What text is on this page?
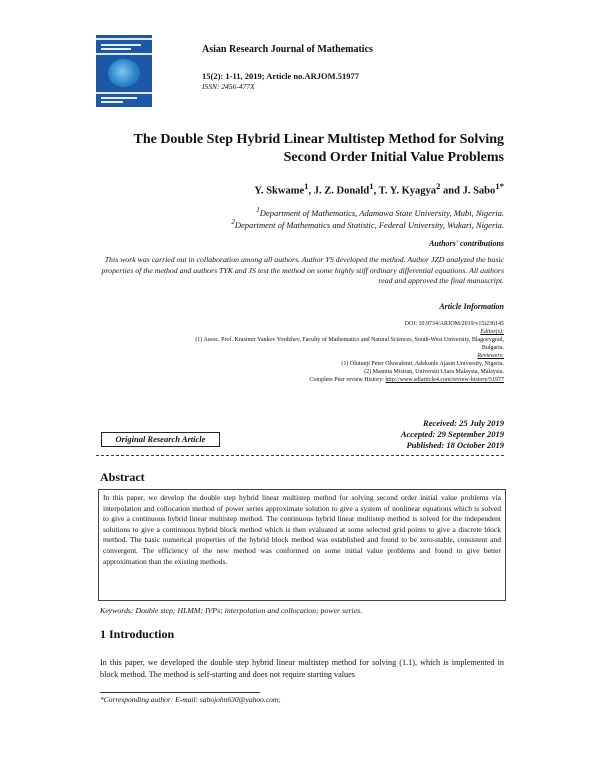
Asian Research Journal of Mathematics
15(2): 1-11, 2019; Article no.ARJOM.51977
ISSN: 2456-477X
The Double Step Hybrid Linear Multistep Method for Solving
Second Order Initial Value Problems
Y. Skwame$^1$, J. Z. Donald$^1$, T. Y. Kyagya$^2$ and J. Sabo$^{1*}$
$^1$Department of Mathematics, Adamawa State University, Mubi, Nigeria.
$^2$Department of Mathematics and Statistic, Federal University, Wukari, Nigeria.
Authors' contributions
This work was carried out in collaboration among all authors. Author YS developed the method. Author JZD analyzed the basic properties of the method and authors TYK and JS test the method on some highly stiff ordinary differential equations. All authors read and approved the final manuscript.
Article Information
DOI: 10.9734/ARJOM/2019/v15i230145
Editor(s):
(1) Assoc. Prof. Krasimir Yankov Yordzhev, Faculty of Mathematics and Natural Sciences, South-West University, Blagoevgrad,
Bulgaria.
Reviewers:
(1) Olutunji Peter Oluwafemi, Adekunle Ajasin University, Nigeria.
(2) Masnita Misiran, Universiti Utara Malaysia, Malaysia.
Complete Peer review History: http://www.sdiarticle4.com/review-history/51977
Received: 25 July 2019
Accepted: 29 September 2019
Published: 18 October 2019
Original Research Article
Abstract
In this paper, we develop the double step hybrid linear multistep method for solving second order initial value problems via interpolation and collocation method of power series approximate solution to give a system of nonlinear equations which is solved to give a continuous hybrid linear multistep method. The continuous hybrid linear multistep method is solved for the independent solutions to give a continuous hybrid block method which is then evaluated at some selected grid points to give a discrete block method. The basic numerical properties of the hybrid block method was established and found to be zero-stable, consistent and convergent. The efficiency of the new method was conformed on some initial value problems and found to give better approximation than the existing methods.
Keywords: Double step; HLMM; IVPs; interpolation and collocation; power series.
1 Introduction
In this paper, we developed the double step hybrid linear multistep method for solving (1.1), which is implemented in block method. The method is self-starting and does not require starting values
*Corresponding author: E-mail: sabojohn630@yahoo.com;
